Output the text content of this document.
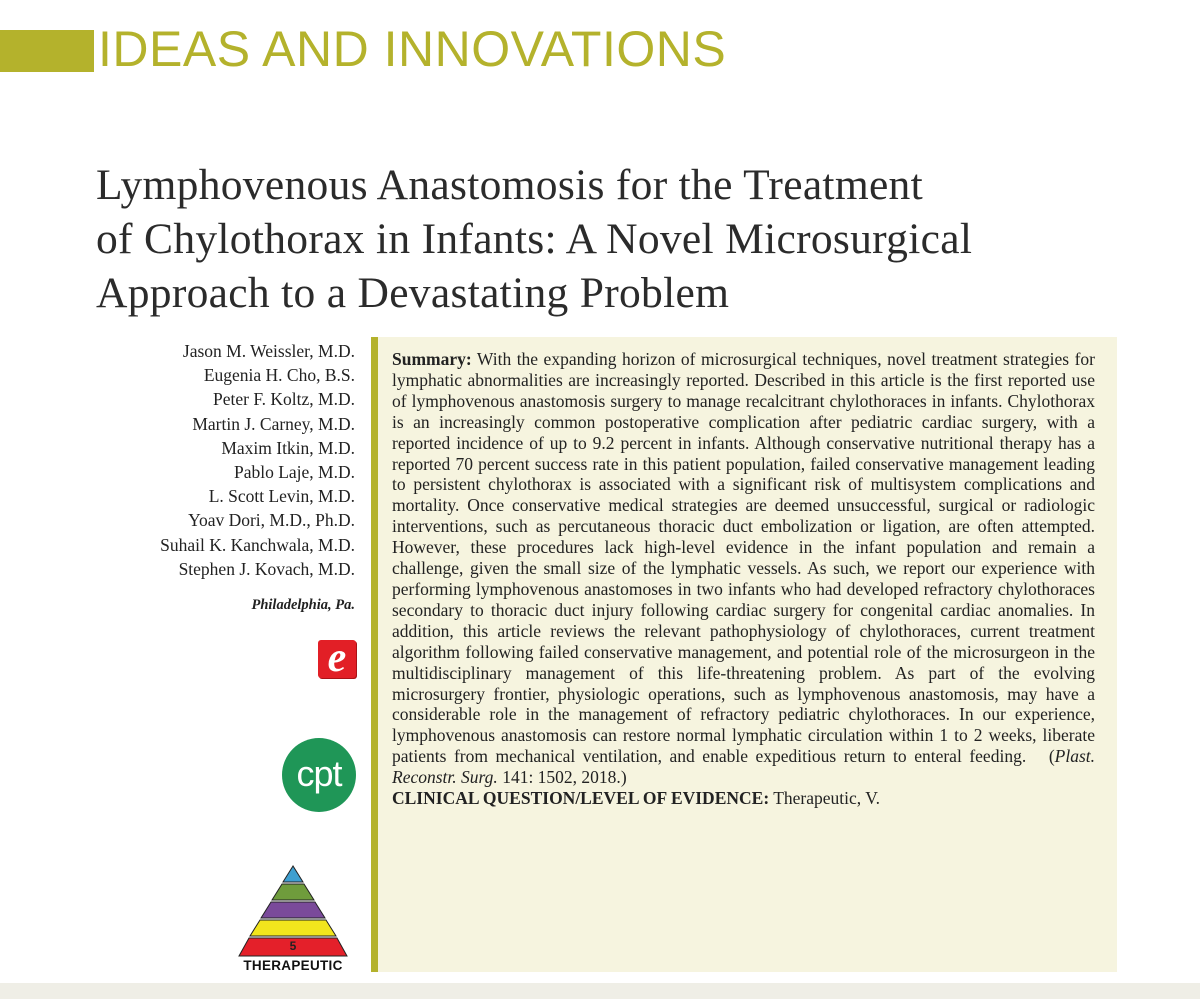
IDEAS AND INNOVATIONS
Lymphovenous Anastomosis for the Treatment
of Chylothorax in Infants: A Novel Microsurgical
Approach to a Devastating Problem
Jason M. Weissler, M.D.
Eugenia H. Cho, B.S.
Peter F. Koltz, M.D.
Martin J. Carney, M.D.
Maxim Itkin, M.D.
Pablo Laje, M.D.
L. Scott Levin, M.D.
Yoav Dori, M.D., Ph.D.
Suhail K. Kanchwala, M.D.
Stephen J. Kovach, M.D.
Philadelphia, Pa.
e
cpt
5
THERAPEUTIC

Summary: With the expanding horizon of microsurgical techniques, novel treatment strategies for lymphatic abnormalities are increasingly reported. Described in this article is the first reported use of lymphovenous anastomosis surgery to manage recalcitrant chylothoraces in infants. Chylothorax is an increasingly common postoperative complication after pediatric cardiac surgery, with a reported incidence of up to 9.2 percent in infants. Although conservative nutritional therapy has a reported 70 percent success rate in this patient population, failed conservative management leading to persistent chylothorax is associated with a significant risk of multisystem complications and mortality. Once conservative medical strategies are deemed unsuccessful, surgical or radiologic interventions, such as percutaneous thoracic duct embolization or ligation, are often attempted. However, these procedures lack high-level evidence in the infant population and remain a challenge, given the small size of the lymphatic vessels. As such, we report our experience with performing lymphovenous anastomoses in two infants who had developed refractory chylothoraces secondary to thoracic duct injury following cardiac surgery for congenital cardiac anomalies. In addition, this article reviews the relevant pathophysiology of chylothoraces, current treatment algorithm following failed conservative management, and potential role of the microsurgeon in the multidisciplinary management of this life-threatening problem. As part of the evolving microsurgery frontier, physiologic operations, such as lymphovenous anastomosis, may have a considerable role in the management of refractory pediatric chylothoraces. In our experience, lymphovenous anastomosis can restore normal lymphatic circulation within 1 to 2 weeks, liberate patients from mechanical ventilation, and enable expeditious return to enteral feeding.   (Plast. Reconstr. Surg. 141: 1502, 2018.)
CLINICAL QUESTION/LEVEL OF EVIDENCE: Therapeutic, V.
